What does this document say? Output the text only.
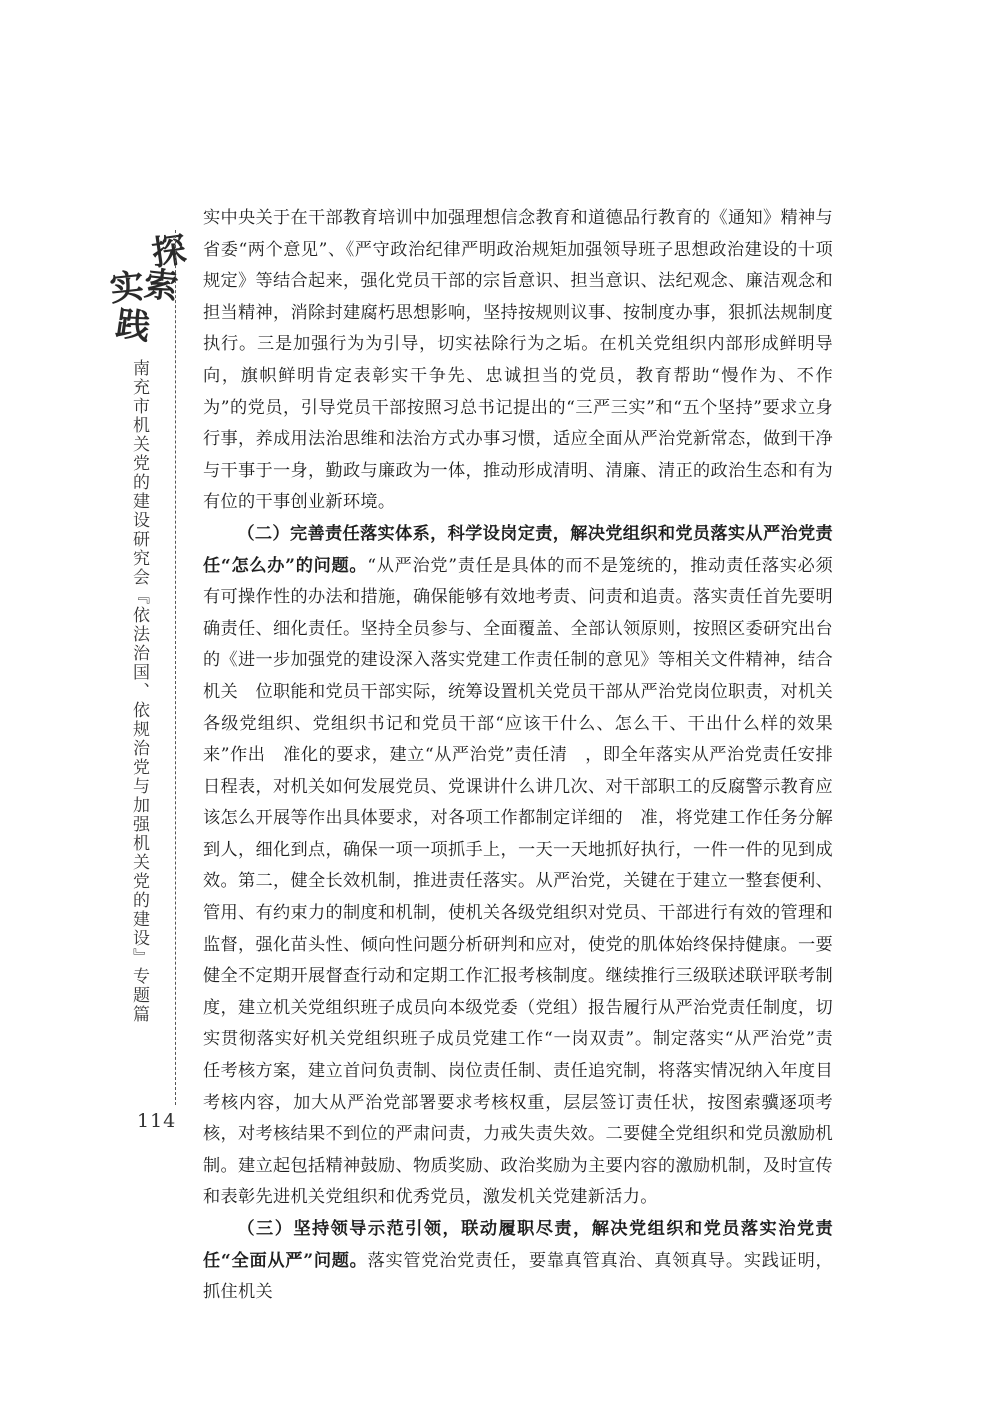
探
索
实
践
南充市机关党的建设研究会『依法治国、依规治党与加强机关党的建设』专题篇
114

实中央关于在干部教育培训中加强理想信念教育和道德品行教育的《通知》精神与省委“两个意见”、《严守政治纪律严明政治规矩加强领导班子思想政治建设的十项规定》等结合起来，强化党员干部的宗旨意识、担当意识、法纪观念、廉洁观念和担当精神，消除封建腐朽思想影响，坚持按规则议事、按制度办事，狠抓法规制度执行。三是加强行为为引导，切实祛除行为之垢。在机关党组织内部形成鲜明导向，旗帜鲜明肯定表彰实干争先、忠诚担当的党员，教育帮助“慢作为、不作为”的党员，引导党员干部按照习总书记提出的“三严三实”和“五个坚持”要求立身行事，养成用法治思维和法治方式办事习惯，适应全面从严治党新常态，做到干净与干事于一身，勤政与廉政为一体，推动形成清明、清廉、清正的政治生态和有为有位的干事创业新环境。

（二）完善责任落实体系，科学设岗定责，解决党组织和党员落实从严治党责任“怎么办”的问题。“从严治党”责任是具体的而不是笼统的，推动责任落实必须有可操作性的办法和措施，确保能够有效地考责、问责和追责。落实责任首先要明确责任、细化责任。坚持全员参与、全面覆盖、全部认领原则，按照区委研究出台的《进一步加强党的建设深入落实党建工作责任制的意见》等相关文件精神，结合机关　位职能和党员干部实际，统筹设置机关党员干部从严治党岗位职责，对机关各级党组织、党组织书记和党员干部“应该干什么、怎么干、干出什么样的效果来”作出　准化的要求，建立“从严治党”责任清　，即全年落实从严治党责任安排日程表，对机关如何发展党员、党课讲什么讲几次、对干部职工的反腐警示教育应该怎么开展等作出具体要求，对各项工作都制定详细的　准，将党建工作任务分解到人，细化到点，确保一项一项抓手上，一天一天地抓好执行，一件一件的见到成效。第二，健全长效机制，推进责任落实。从严治党，关键在于建立一整套便利、管用、有约束力的制度和机制，使机关各级党组织对党员、干部进行有效的管理和监督，强化苗头性、倾向性问题分析研判和应对，使党的肌体始终保持健康。一要健全不定期开展督查行动和定期工作汇报考核制度。继续推行三级联述联评联考制度，建立机关党组织班子成员向本级党委（党组）报告履行从严治党责任制度，切实贯彻落实好机关党组织班子成员党建工作“一岗双责”。制定落实“从严治党”责任考核方案，建立首问负责制、岗位责任制、责任追究制，将落实情况纳入年度目　考核内容，加大从严治党部署要求考核权重，层层签订责任状，按图索骥逐项考核，对考核结果不到位的严肃问责，力戒失责失效。二要健全党组织和党员激励机制。建立起包括精神鼓励、物质奖励、政治奖励为主要内容的激励机制，及时宣传和表彰先进机关党组织和优秀党员，激发机关党建新活力。

（三）坚持领导示范引领，联动履职尽责，解决党组织和党员落实治党责任“全面从严”问题。落实管党治党责任，要靠真管真治、真领真导。实践证明，抓住机关
